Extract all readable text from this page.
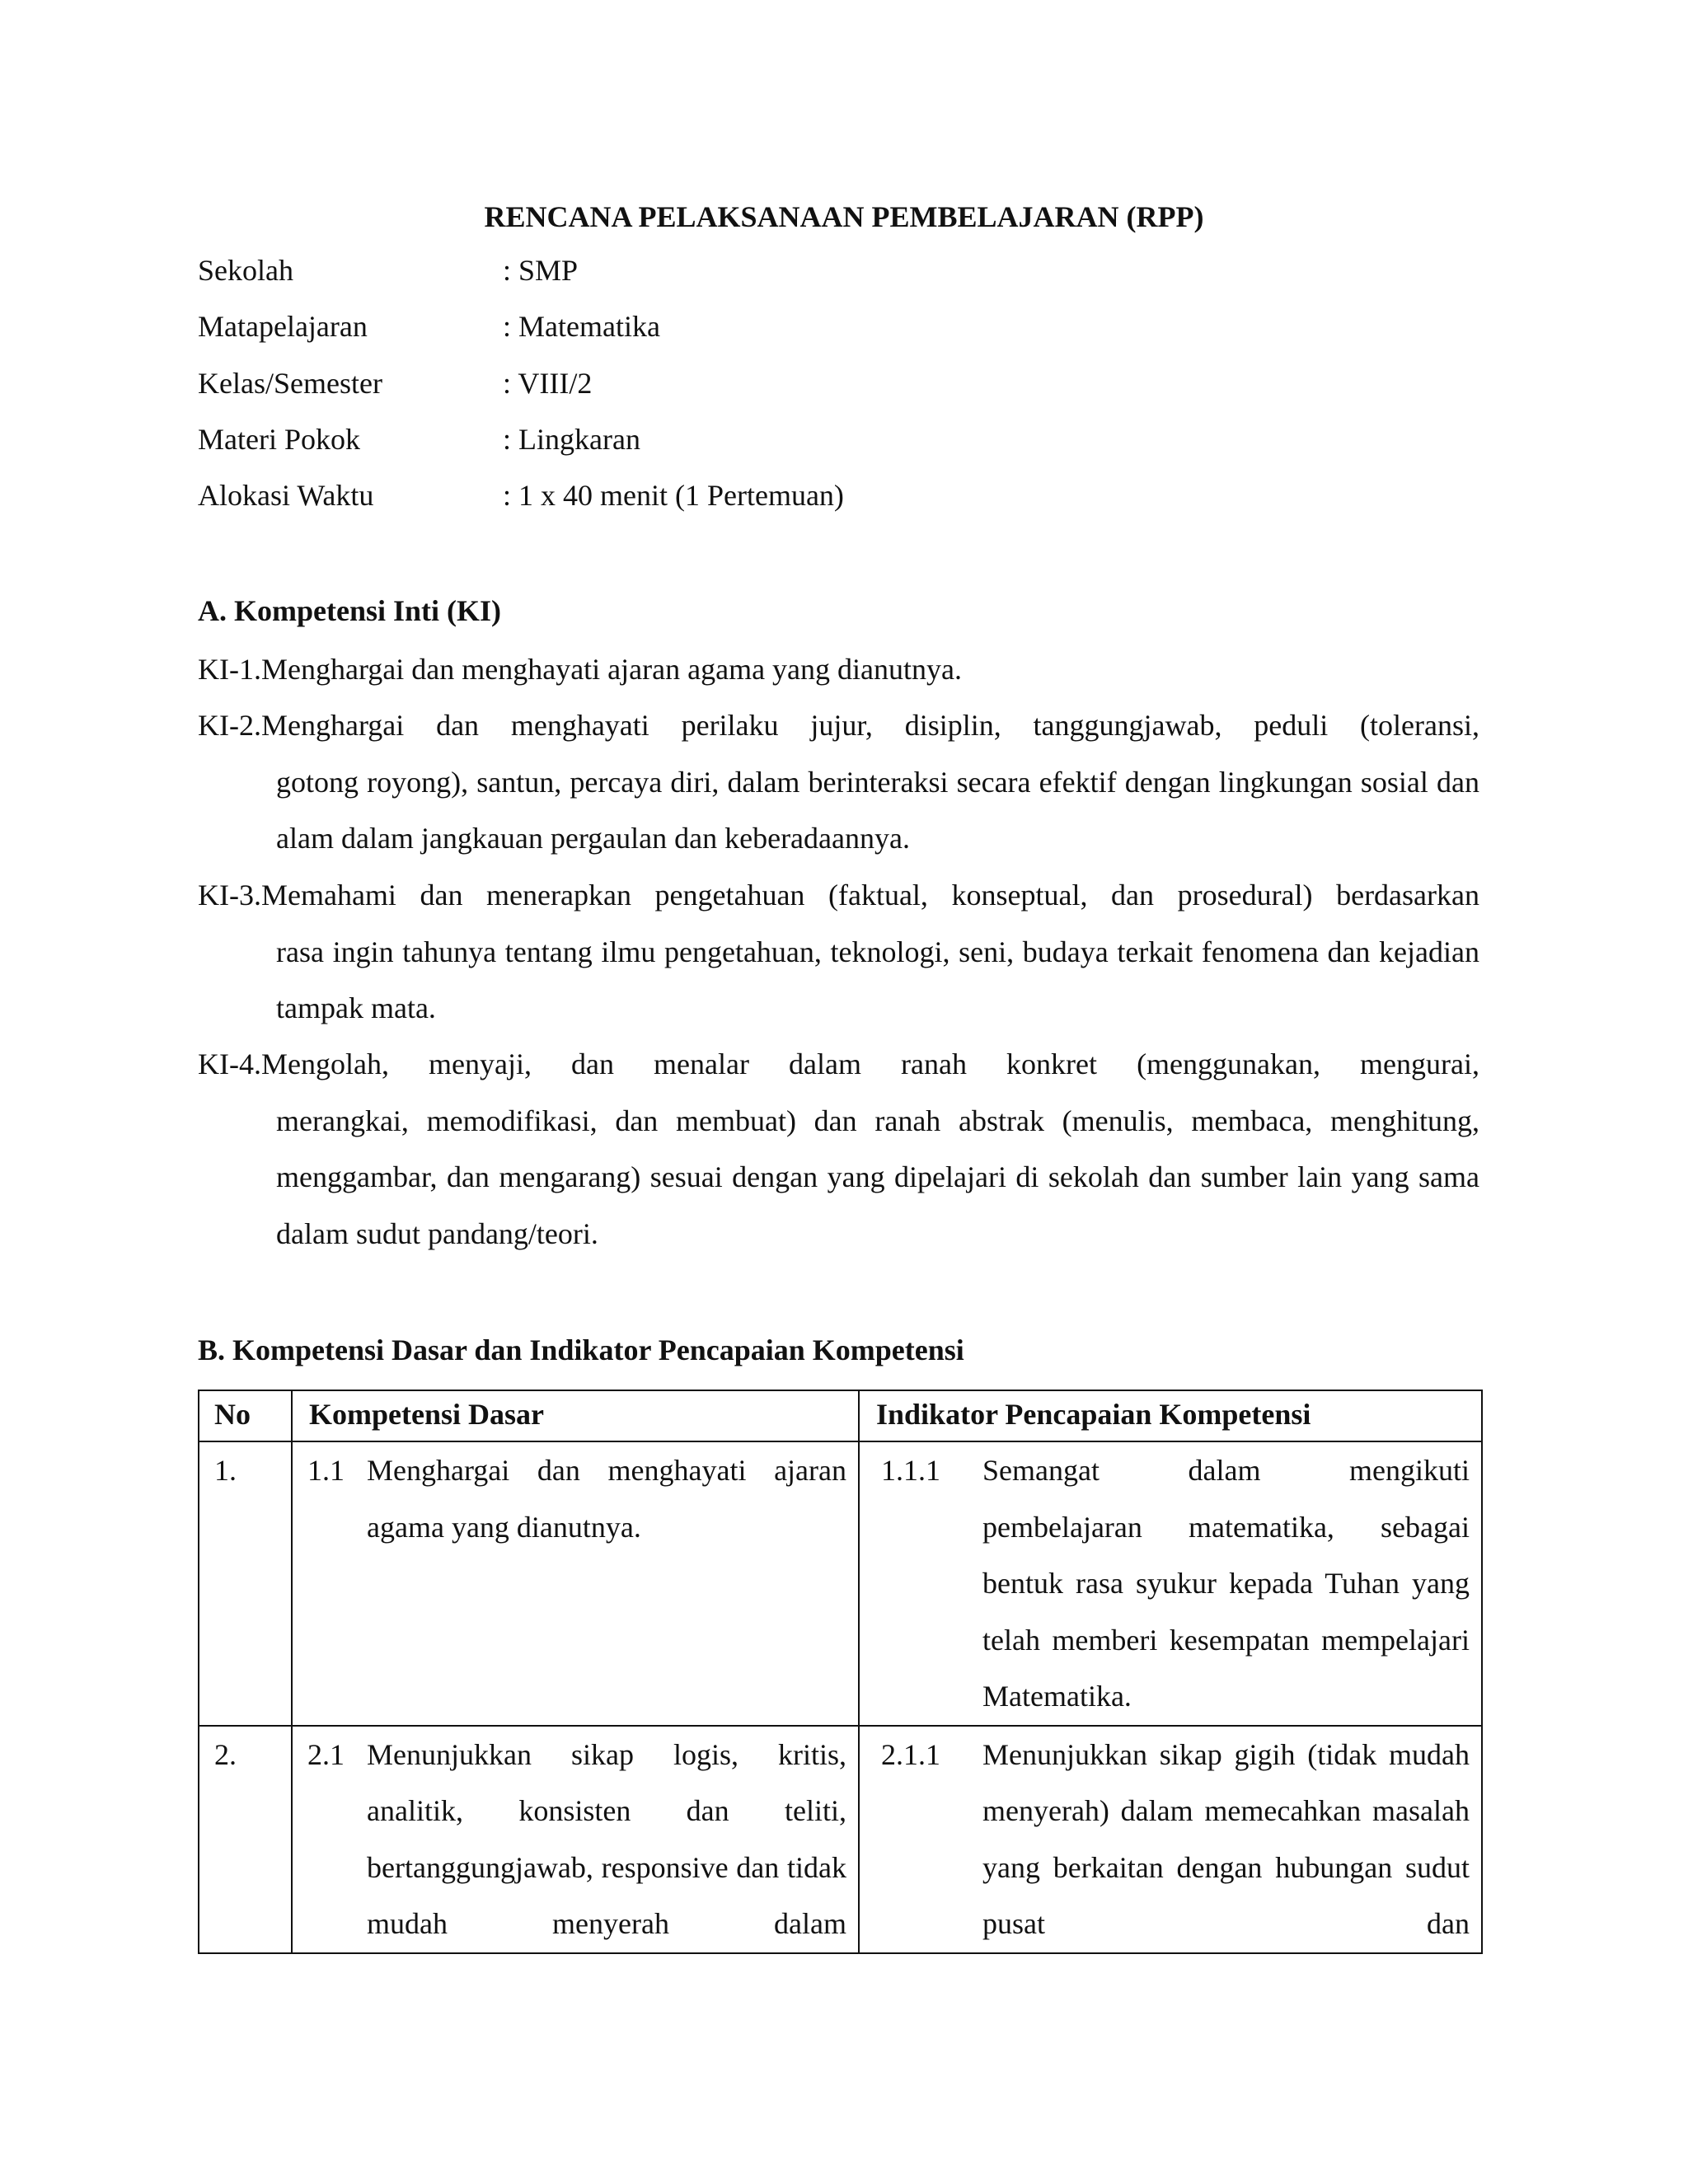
RENCANA PELAKSANAAN PEMBELAJARAN (RPP)
Sekolah	: SMP
Matapelajaran	: Matematika
Kelas/Semester	: VIII/2
Materi Pokok	: Lingkaran
Alokasi Waktu	: 1 x 40 menit (1 Pertemuan)
A. Kompetensi Inti (KI)
KI-1.Menghargai dan menghayati ajaran agama yang dianutnya.
KI-2.Menghargai dan menghayati perilaku jujur, disiplin, tanggungjawab, peduli (toleransi,
gotong royong), santun, percaya diri, dalam berinteraksi secara efektif dengan lingkungan sosial dan alam dalam jangkauan pergaulan dan keberadaannya.
KI-3.Memahami dan menerapkan pengetahuan (faktual, konseptual, dan prosedural) berdasarkan
rasa ingin tahunya tentang ilmu pengetahuan, teknologi, seni, budaya terkait fenomena dan kejadian tampak mata.
KI-4.Mengolah, menyaji, dan menalar dalam ranah konkret (menggunakan, mengurai,
merangkai, memodifikasi, dan membuat) dan ranah abstrak (menulis, membaca, menghitung, menggambar, dan mengarang) sesuai dengan yang dipelajari di sekolah dan sumber lain yang sama dalam sudut pandang/teori.
B. Kompetensi Dasar dan Indikator Pencapaian Kompetensi
No	Kompetensi Dasar	Indikator Pencapaian Kompetensi
1.	1.1 Menghargai dan menghayati ajaran agama yang dianutnya.	1.1.1 Semangat dalam mengikuti pembelajaran matematika, sebagai bentuk rasa syukur kepada Tuhan yang telah memberi kesempatan mempelajari Matematika.

2.	2.1 Menunjukkan sikap logis, kritis, analitik, konsisten dan teliti, bertanggungjawab, responsive dan tidak mudah menyerah dalam	2.1.1 Menunjukkan sikap gigih (tidak mudah menyerah) dalam memecahkan masalah yang berkaitan dengan hubungan sudut pusat dan
